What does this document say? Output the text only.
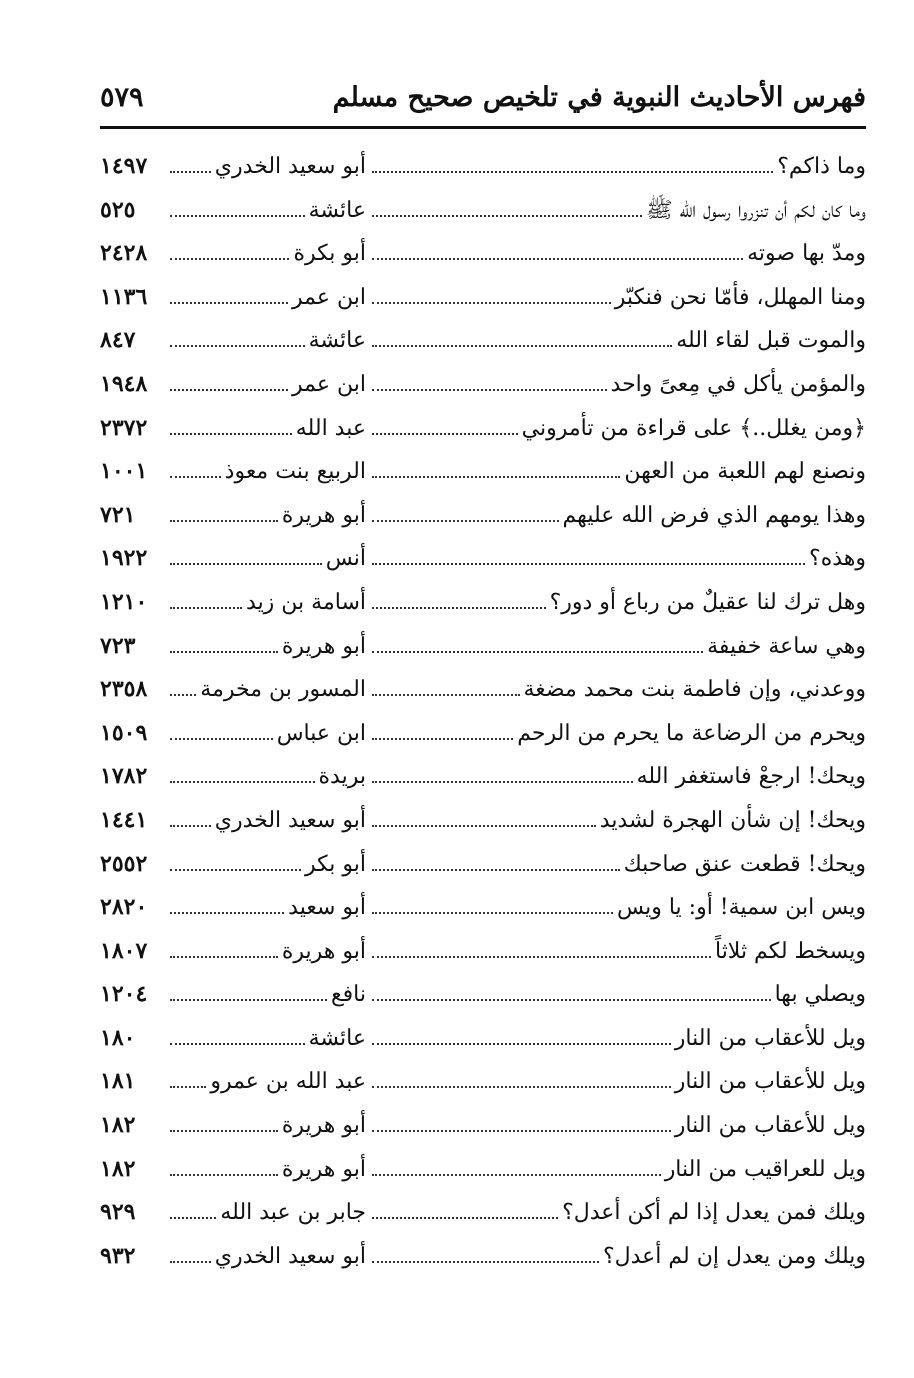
فهرس الأحاديث النبوية في تلخيص صحيح مسلم
٥٧٩
وما ذاكم؟
أبو سعيد الخدري
١٤٩٧
وما كان لكم أن تنزروا رسول الله ﷺ
عائشة
٥٢٥
ومدّ بها صوته
أبو بكرة
٢٤٢٨
ومنا المهلل، فأمّا نحن فنكبّر
ابن عمر
١١٣٦
والموت قبل لقاء الله
عائشة
٨٤٧
والمؤمن يأكل في مِعىً واحد
ابن عمر
١٩٤٨
﴿ومن يغلل..﴾ على قراءة من تأمروني
عبد الله
٢٣٧٢
ونصنع لهم اللعبة من العهن
الربيع بنت معوذ
١٠٠١
وهذا يومهم الذي فرض الله عليهم
أبو هريرة
٧٢١
وهذه؟
أنس
١٩٢٢
وهل ترك لنا عقيلٌ من رباع أو دور؟
أسامة بن زيد
١٢١٠
وهي ساعة خفيفة
أبو هريرة
٧٢٣
ووعدني، وإن فاطمة بنت محمد مضغة
المسور بن مخرمة
٢٣٥٨
ويحرم من الرضاعة ما يحرم من الرحم
ابن عباس
١٥٠٩
ويحك! ارجعْ فاستغفر الله
بريدة
١٧٨٢
ويحك! إن شأن الهجرة لشديد
أبو سعيد الخدري
١٤٤١
ويحك! قطعت عنق صاحبك
أبو بكر
٢٥٥٢
ويس ابن سمية! أو: يا ويس
أبو سعيد
٢٨٢٠
ويسخط لكم ثلاثاً
أبو هريرة
١٨٠٧
ويصلي بها
نافع
١٢٠٤
ويل للأعقاب من النار
عائشة
١٨٠
ويل للأعقاب من النار
عبد الله بن عمرو
١٨١
ويل للأعقاب من النار
أبو هريرة
١٨٢
ويل للعراقيب من النار
أبو هريرة
١٨٢
ويلك فمن يعدل إذا لم أكن أعدل؟
جابر بن عبد الله
٩٢٩
ويلك ومن يعدل إن لم أعدل؟
أبو سعيد الخدري
٩٣٢
